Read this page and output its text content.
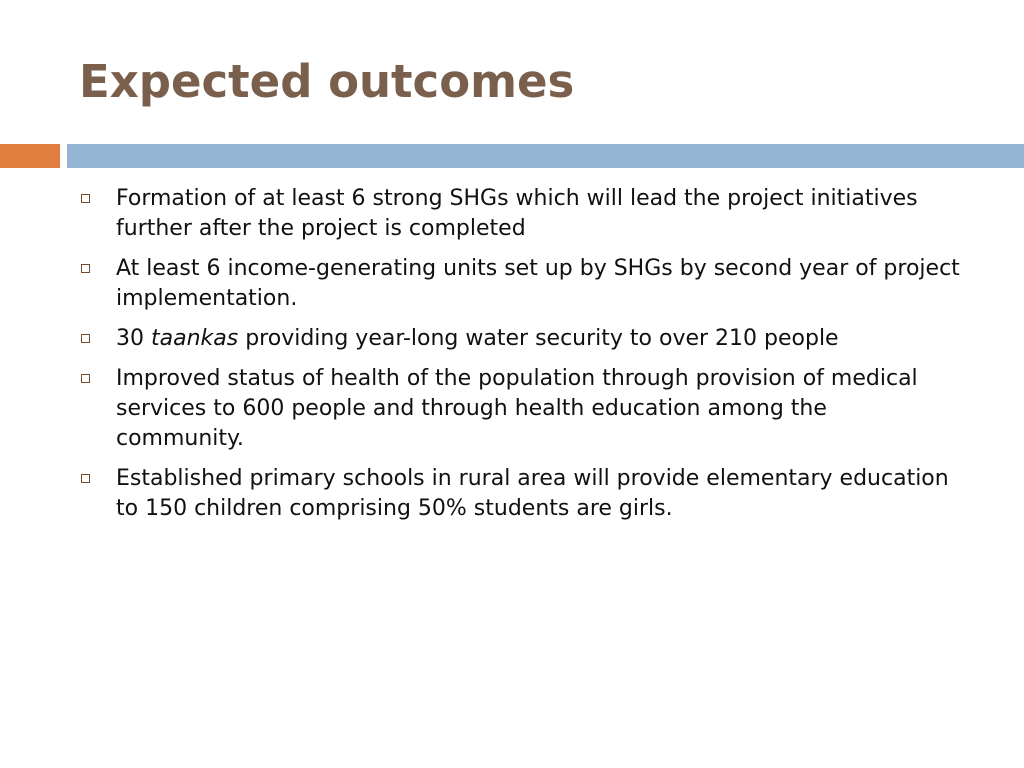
Expected outcomes
Formation of at least 6 strong SHGs which will lead the project initiatives further after the project is completed
At least 6 income-generating units set up by SHGs by second year of project implementation.
30 taankas providing year-long water security to over 210 people
Improved status of health of the population through provision of medical services to 600 people and through health education among the community.
Established primary schools in rural area will provide elementary education to 150 children comprising 50% students are girls.
